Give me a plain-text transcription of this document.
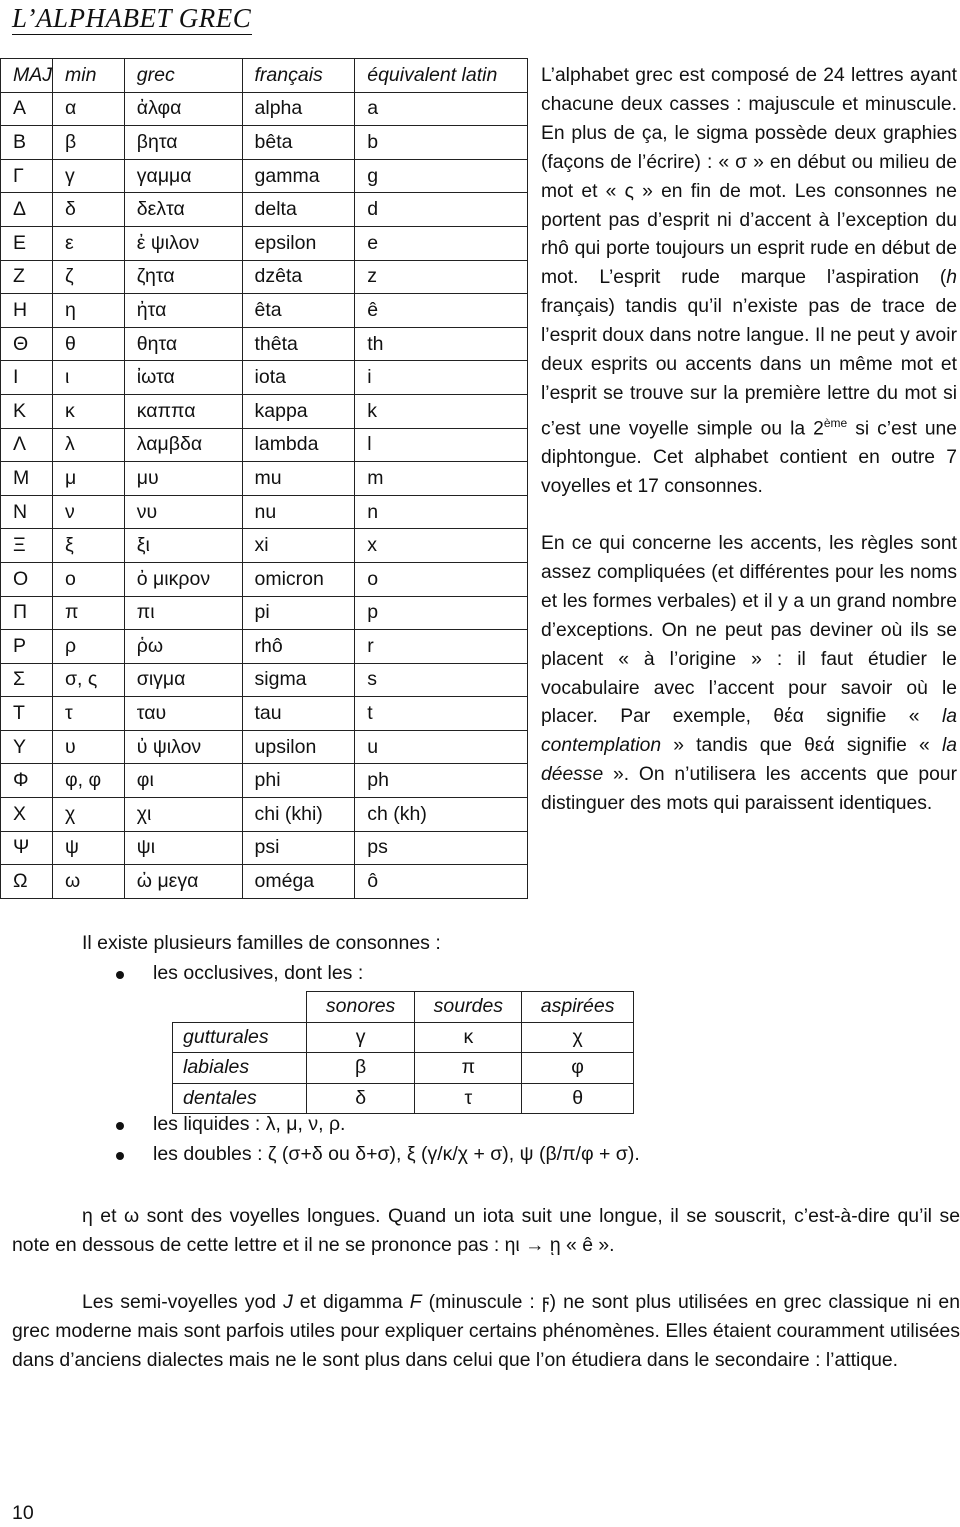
L’ALPHABET GREC
MAJ	min	grec	français	équivalent latin
Α	α	ἀλφα	alpha	a
Β	β	βητα	bêta	b
Γ	γ	γαμμα	gamma	g
Δ	δ	δελτα	delta	d
Ε	ε	ἐ ψιλον	epsilon	e
Ζ	ζ	ζητα	dzêta	z
Η	η	ἠτα	êta	ê
Θ	θ	θητα	thêta	th
Ι	ι	ἰωτα	iota	i
Κ	κ	καππα	kappa	k
Λ	λ	λαμβδα	lambda	l
Μ	μ	μυ	mu	m
Ν	ν	νυ	nu	n
Ξ	ξ	ξι	xi	x
Ο	ο	ὀ μικρον	omicron	o
Π	π	πι	pi	p
Ρ	ρ	ῥω	rhô	r
Σ	σ, ς	σιγμα	sigma	s
Τ	τ	ταυ	tau	t
Υ	υ	ὐ ψιλον	upsilon	u
Φ	φ, φ	φι	phi	ph
Χ	χ	χι	chi (khi)	ch (kh)
Ψ	ψ	ψι	psi	ps
Ω	ω	ὠ μεγα	oméga	ô

L’alphabet grec est composé de 24 lettres ayant chacune deux casses : majuscule et minuscule. En plus de ça, le sigma possède deux graphies (façons de l’écrire) : « σ » en début ou milieu de mot et « ς » en fin de mot. Les consonnes ne portent pas d’esprit ni d’accent à l’exception du rhô qui porte toujours un esprit rude en début de mot. L’esprit rude marque l’aspiration (h français) tandis qu’il n’existe pas de trace de l’esprit doux dans notre langue. Il ne peut y avoir deux esprits ou accents dans un même mot et l’esprit se trouve sur la première lettre du mot si c’est une voyelle simple ou la 2ème si c’est une diphtongue. Cet alphabet contient en outre 7 voyelles et 17 consonnes.

En ce qui concerne les accents, les règles sont assez compliquées (et différentes pour les noms et les formes verbales) et il y a un grand nombre d’exceptions. On ne peut pas deviner où ils se placent « à l’origine » : il faut étudier le vocabulaire avec l’accent pour savoir où le placer. Par exemple, θέα signifie « la contemplation » tandis que θεά signifie « la déesse ». On n’utilisera les accents que pour distinguer des mots qui paraissent identiques.

Il existe plusieurs familles de consonnes :
les occlusives, dont les :
	sonores	sourdes	aspirées
gutturales	γ	κ	χ
labiales	β	π	φ
dentales	δ	τ	θ
les liquides : λ, μ, ν, ρ.
les doubles : ζ (σ+δ ou δ+σ), ξ (γ/κ/χ + σ), ψ (β/π/φ + σ).

η et ω sont des voyelles longues. Quand un iota suit une longue, il se souscrit, c’est-à-dire qu’il se note en dessous de cette lettre et il ne se prononce pas : ηι → ῃ « ê ».

Les semi-voyelles yod J et digamma F (minuscule : ϝ) ne sont plus utilisées en grec classique ni en grec moderne mais sont parfois utiles pour expliquer certains phénomènes. Elles étaient couramment utilisées dans d’anciens dialectes mais ne le sont plus dans celui que l’on étudiera dans le secondaire : l’attique.

10
